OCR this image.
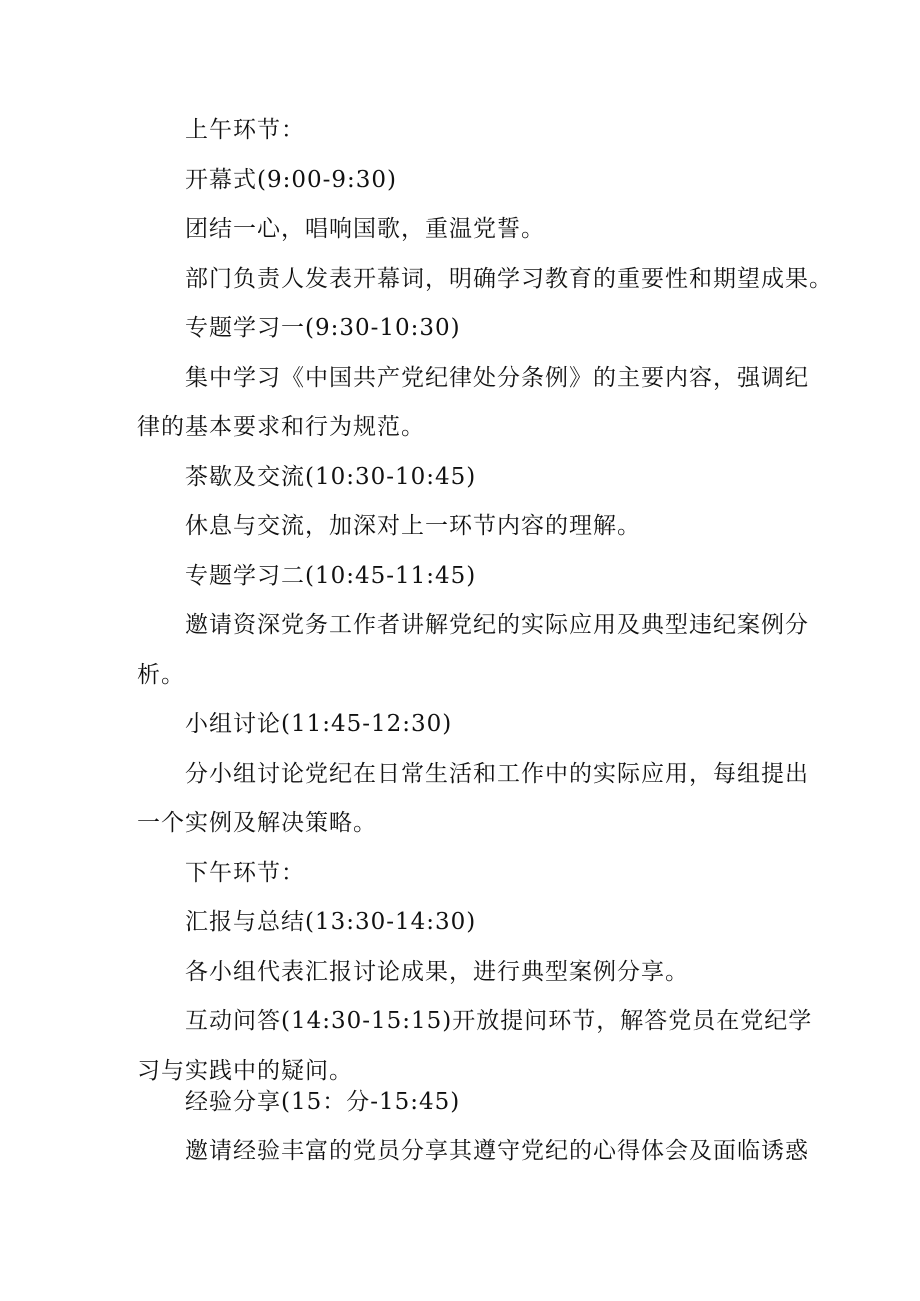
上午环节：
开幕式(9:00-9:30)
团结一心，唱响国歌，重温党誓。
部门负责人发表开幕词，明确学习教育的重要性和期望成果。
专题学习一(9:30-10:30)
集中学习《中国共产党纪律处分条例》的主要内容，强调纪
律的基本要求和行为规范。
茶歇及交流(10:30-10:45)
休息与交流，加深对上一环节内容的理解。
专题学习二(10:45-11:45)
邀请资深党务工作者讲解党纪的实际应用及典型违纪案例分
析。
小组讨论(11:45-12:30)
分小组讨论党纪在日常生活和工作中的实际应用，每组提出
一个实例及解决策略。
下午环节：
汇报与总结(13:30-14:30)
各小组代表汇报讨论成果，进行典型案例分享。
互动问答(14:30-15:15)开放提问环节，解答党员在党纪学
习与实践中的疑问。
经验分享(15：分-15:45)
邀请经验丰富的党员分享其遵守党纪的心得体会及面临诱惑
